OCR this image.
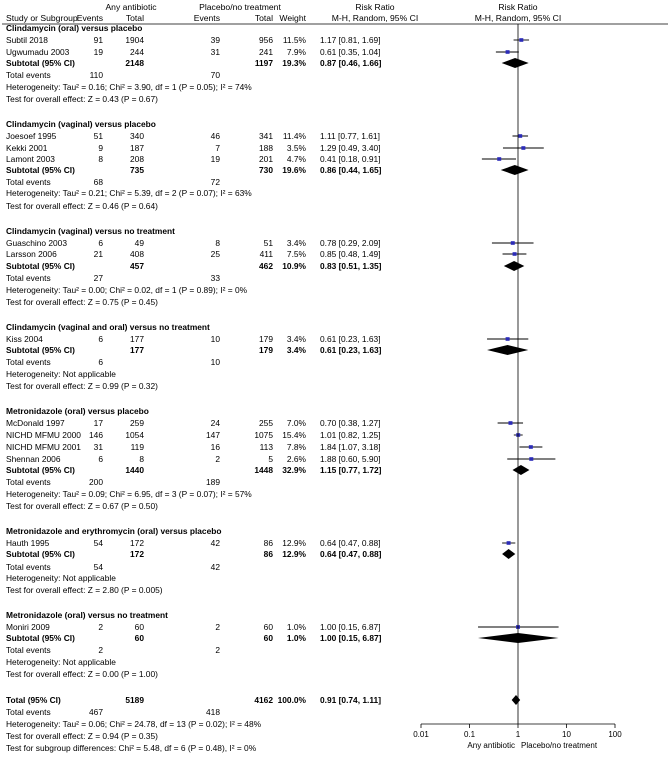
Any antibiotic	Placebo/no treatment	Risk Ratio	Risk Ratio
Study or Subgroup Events	Total	Events	Total Weight	M-H, Random, 95% CI	M-H, Random, 95% CI
Clindamycin (oral) versus placebo
Subtil 2018	91	1904	39	956 11.5% 1.17 [0.81, 1.69]
Ugwumadu 2003	19	244	31	241 7.9% 0.61 [0.35, 1.04]
Subtotal (95% CI)	2148	1197 19.3% 0.87 [0.46, 1.66]
Total events	110	70
Heterogeneity: Tau² = 0.16; Chi² = 3.90, df = 1 (P = 0.05); I² = 74%
Test for overall effect: Z = 0.43 (P = 0.67)
Clindamycin (vaginal) versus placebo
Joesoef 1995	51	340	46	341 11.4% 1.11 [0.77, 1.61]
Kekki 2001	9	187	7	188 3.5% 1.29 [0.49, 3.40]
Lamont 2003	8	208	19	201 4.7% 0.41 [0.18, 0.91]
Subtotal (95% CI)	735	730 19.6% 0.86 [0.44, 1.65]
Total events	68	72
Heterogeneity: Tau² = 0.21; Chi² = 5.39, df = 2 (P = 0.07); I² = 63%
Test for overall effect: Z = 0.46 (P = 0.64)
Clindamycin (vaginal) versus no treatment
Guaschino 2003	6	49	8	51 3.4% 0.78 [0.29, 2.09]
Larsson 2006	21	408	25	411 7.5% 0.85 [0.48, 1.49]
Subtotal (95% CI)	457	462 10.9% 0.83 [0.51, 1.35]
Total events	27	33
Heterogeneity: Tau² = 0.00; Chi² = 0.02, df = 1 (P = 0.89); I² = 0%
Test for overall effect: Z = 0.75 (P = 0.45)
Clindamycin (vaginal and oral) versus no treatment
Kiss 2004	6	177	10	179 3.4% 0.61 [0.23, 1.63]
Subtotal (95% CI)	177	179 3.4% 0.61 [0.23, 1.63]
Total events	6	10
Heterogeneity: Not applicable
Test for overall effect: Z = 0.99 (P = 0.32)
Metronidazole (oral) versus placebo
McDonald 1997	17	259	24	255 7.0% 0.70 [0.38, 1.27]
NICHD MFMU 2000 146	1054	147	1075 15.4% 1.01 [0.82, 1.25]
NICHD MFMU 2001 31	119	16	113 7.8% 1.84 [1.07, 3.18]
Shennan 2006	6	8	2	5 2.6% 1.88 [0.60, 5.90]
Subtotal (95% CI)	1440	1448 32.9% 1.15 [0.77, 1.72]
Total events	200	189
Heterogeneity: Tau² = 0.09; Chi² = 6.95, df = 3 (P = 0.07); I² = 57%
Test for overall effect: Z = 0.67 (P = 0.50)
Metronidazole and erythromycin (oral) versus placebo
Hauth 1995	54	172	42	86 12.9% 0.64 [0.47, 0.88]
Subtotal (95% CI)	172	86 12.9% 0.64 [0.47, 0.88]
Total events	54	42
Heterogeneity: Not applicable
Test for overall effect: Z = 2.80 (P = 0.005)
Metronidazole (oral) versus no treatment
Moniri 2009	2	60	2	60 1.0% 1.00 [0.15, 6.87]
Subtotal (95% CI)	60	60 1.0% 1.00 [0.15, 6.87]
Total events	2	2
Heterogeneity: Not applicable
Test for overall effect: Z = 0.00 (P = 1.00)
Total (95% CI)	5189	4162 100.0% 0.91 [0.74, 1.11]
Total events	467	418
Heterogeneity: Tau² = 0.06; Chi² = 24.78, df = 13 (P = 0.02); I² = 48%
Test for overall effect: Z = 0.94 (P = 0.35)
Test for subgroup differences: Chi² = 5.48, df = 6 (P = 0.48), I² = 0%
0.01	0.1	1	10	100
Any antibiotic Placebo/no treatment
